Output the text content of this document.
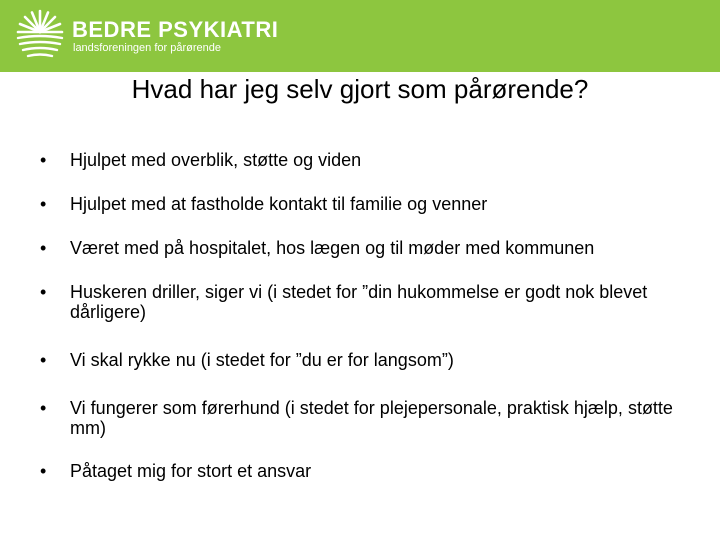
BEDRE PSYKIATRI
landsforeningen for pårørende
Hvad har jeg selv gjort som pårørende?
• Hjulpet med overblik, støtte og viden
• Hjulpet med at fastholde kontakt til familie og venner
• Været med på hospitalet, hos lægen og til møder med kommunen
• Huskeren driller, siger vi (i stedet for ”din hukommelse er godt nok blevet dårligere)
• Vi skal rykke nu (i stedet for ”du er for langsom”)
• Vi fungerer som førerhund (i stedet for plejepersonale, praktisk hjælp, støtte mm)
• Påtaget mig for stort et ansvar
